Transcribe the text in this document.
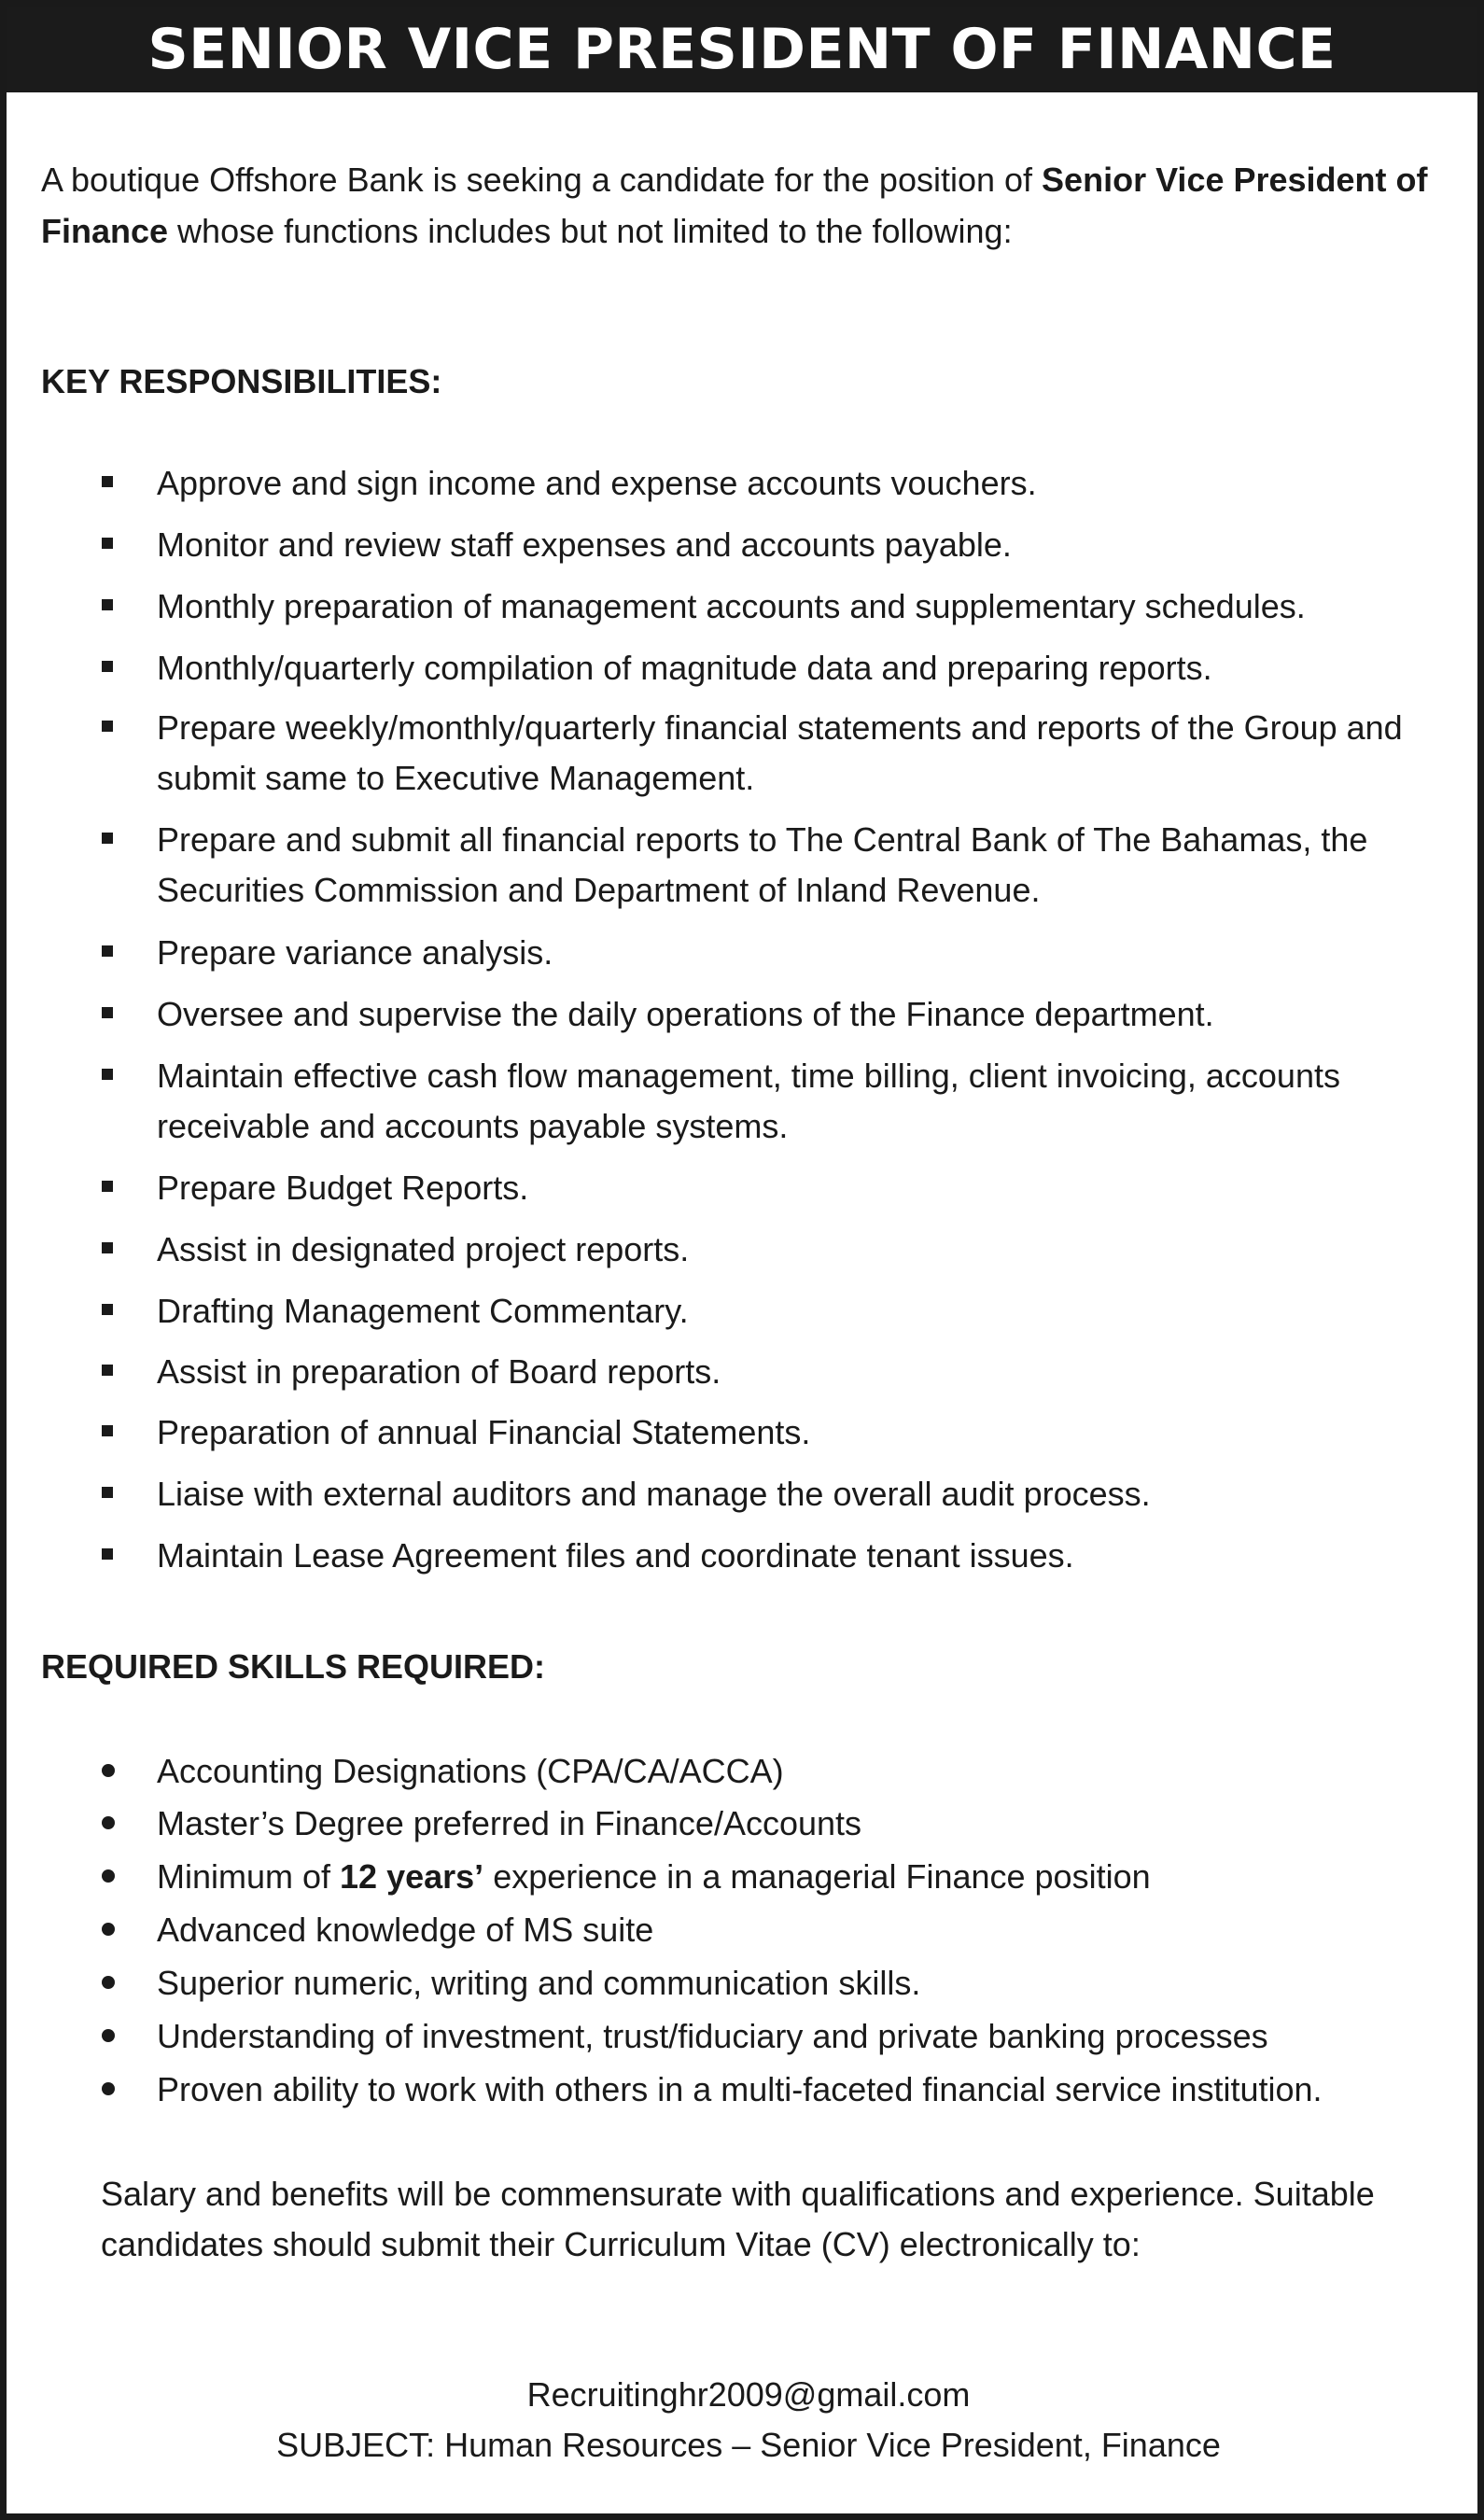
SENIOR VICE PRESIDENT OF FINANCE
A boutique Offshore Bank is seeking a candidate for the position of Senior Vice President of Finance whose functions includes but not limited to the following:
KEY RESPONSIBILITIES:
Approve and sign income and expense accounts vouchers.
Monitor and review staff expenses and accounts payable.
Monthly preparation of management accounts and supplementary schedules.
Monthly/quarterly compilation of magnitude data and preparing reports.
Prepare weekly/monthly/quarterly financial statements and reports of the Group and submit same to Executive Management.
Prepare and submit all financial reports to The Central Bank of The Bahamas, the Securities Commission and Department of Inland Revenue.
Prepare variance analysis.
Oversee and supervise the daily operations of the Finance department.
Maintain effective cash flow management, time billing, client invoicing, accounts receivable and accounts payable systems.
Prepare Budget Reports.
Assist in designated project reports.
Drafting Management Commentary.
Assist in preparation of Board reports.
Preparation of annual Financial Statements.
Liaise with external auditors and manage the overall audit process.
Maintain Lease Agreement files and coordinate tenant issues.
REQUIRED SKILLS REQUIRED:
Accounting Designations (CPA/CA/ACCA)
Master’s Degree preferred in Finance/Accounts
Minimum of 12 years’ experience in a managerial Finance position
Advanced knowledge of MS suite
Superior numeric, writing and communication skills.
Understanding of investment, trust/fiduciary and private banking processes
Proven ability to work with others in a multi-faceted financial service institution.
Salary and benefits will be commensurate with qualifications and experience. Suitable candidates should submit their Curriculum Vitae (CV) electronically to:
Recruitinghr2009@gmail.com
SUBJECT: Human Resources – Senior Vice President, Finance
